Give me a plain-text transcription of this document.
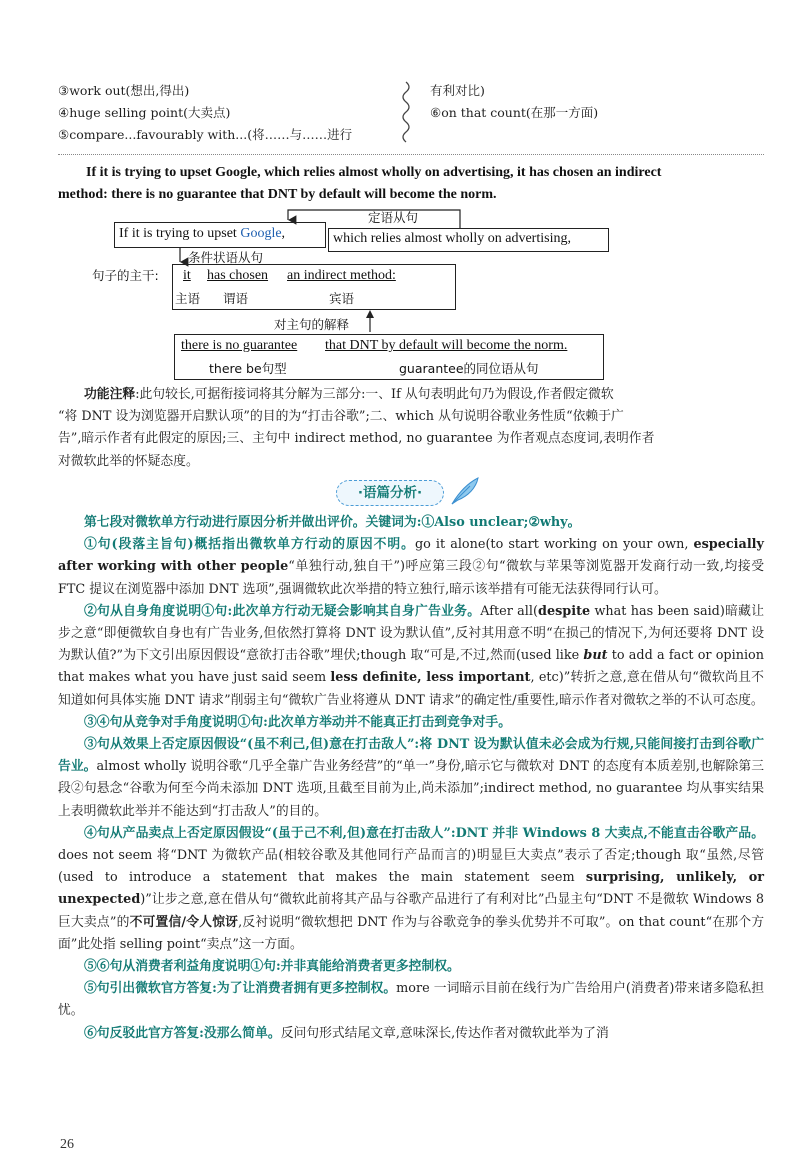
③work out(想出,得出)
④huge selling point(大卖点)
⑤compare...favourably with...(将……与……进行
有利对比)
⑥on that count(在那一方面)
If it is trying to upset Google, which relies almost wholly on advertising, it has chosen an indirect
method: there is no guarantee that DNT by default will become the norm.
If it is trying to upset Google,	which relies almost wholly on advertising,
定语从句
条件状语从句
句子的主干: it has chosen an indirect method:
主语 谓语	宾语
对主句的解释
there is no guarantee that DNT by default will become the norm.
there be句型	guarantee的同位语从句
功能注释:此句较长,可据衔接词将其分解为三部分:一、If 从句表明此句乃为假设,作者假定微软
“将 DNT 设为浏览器开启默认项”的目的为“打击谷歌”;二、which 从句说明谷歌业务性质“依赖于广
告”,暗示作者有此假定的原因;三、主句中 indirect method, no guarantee 为作者观点态度词,表明作者
对微软此举的怀疑态度。
·语篇分析·
第七段对微软单方行动进行原因分析并做出评价。关键词为:①Also unclear;②why。
①句(段落主旨句)概括指出微软单方行动的原因不明。go it alone(to start working on your own, especially after working with other people“单独行动,独自干”)呼应第三段②句“微软与苹果等浏览器开发商行动一致,均接受 FTC 提议在浏览器中添加 DNT 选项”,强调微软此次举措的特立独行,暗示该举措有可能无法获得同行认可。
②句从自身角度说明①句:此次单方行动无疑会影响其自身广告业务。After all(despite what has been said)暗藏让步之意“即便微软自身也有广告业务,但依然打算将 DNT 设为默认值”,反衬其用意不明“在损己的情况下,为何还要将 DNT 设为默认值?”为下文引出原因假设“意欲打击谷歌”埋伏;though 取“可是,不过,然而(used like but to add a fact or opinion that makes what you have just said seem less definite, less important, etc)”转折之意,意在借从句“微软尚且不知道如何具体实施 DNT 请求”削弱主句“微软广告业将遵从 DNT 请求”的确定性/重要性,暗示作者对微软之举的不认可态度。
③④句从竞争对手角度说明①句:此次单方举动并不能真正打击到竞争对手。
③句从效果上否定原因假设“(虽不利己,但)意在打击敌人”:将 DNT 设为默认值未必会成为行规,只能间接打击到谷歌广告业。almost wholly 说明谷歌“几乎全靠广告业务经营”的“单一”身份,暗示它与微软对 DNT 的态度有本质差别,也解除第三段②句悬念“谷歌为何至今尚未添加 DNT 选项,且截至目前为止,尚未添加”;indirect method, no guarantee 均从事实结果上表明微软此举并不能达到“打击敌人”的目的。
④句从产品卖点上否定原因假设“(虽于己不利,但)意在打击敌人”:DNT 并非 Windows 8 大卖点,不能直击谷歌产品。does not seem 将“DNT 为微软产品(相较谷歌及其他同行产品而言的)明显巨大卖点”表示了否定;though 取“虽然,尽管(used to introduce a statement that makes the main statement seem surprising, unlikely, or unexpected)”让步之意,意在借从句“微软此前将其产品与谷歌产品进行了有利对比”凸显主句“DNT 不是微软 Windows 8 巨大卖点”的不可置信/令人惊讶,反衬说明“微软想把 DNT 作为与谷歌竞争的拳头优势并不可取”。on that count“在那个方面”此处指 selling point“卖点”这一方面。
⑤⑥句从消费者利益角度说明①句:并非真能给消费者更多控制权。
⑤句引出微软官方答复:为了让消费者拥有更多控制权。more 一词暗示目前在线行为广告给用户(消费者)带来诸多隐私担忧。
⑥句反驳此官方答复:没那么简单。反问句形式结尾文章,意味深长,传达作者对微软此举为了消
26
